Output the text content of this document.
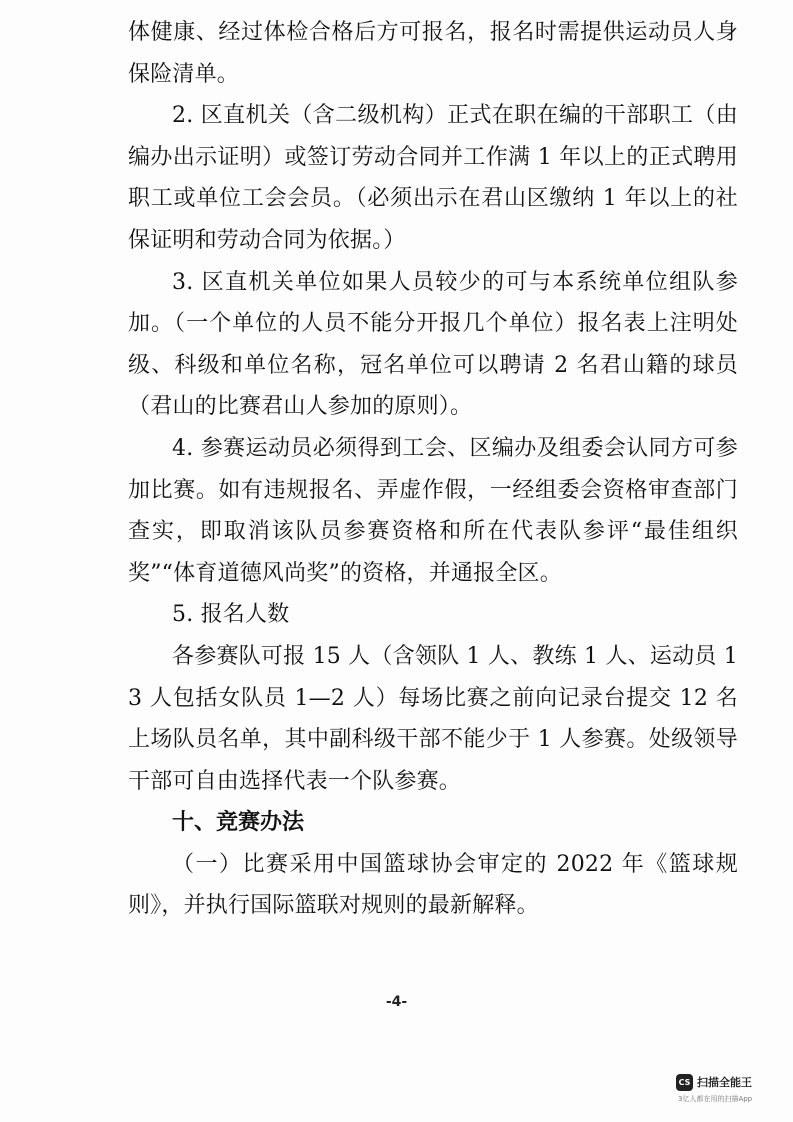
体健康、经过体检合格后方可报名，报名时需提供运动员人身保险清单。

2. 区直机关（含二级机构）正式在职在编的干部职工（由编办出示证明）或签订劳动合同并工作满 1 年以上的正式聘用职工或单位工会会员。（必须出示在君山区缴纳 1 年以上的社保证明和劳动合同为依据。）

3. 区直机关单位如果人员较少的可与本系统单位组队参加。（一个单位的人员不能分开报几个单位）报名表上注明处级、科级和单位名称，冠名单位可以聘请 2 名君山籍的球员（君山的比赛君山人参加的原则）。

4. 参赛运动员必须得到工会、区编办及组委会认同方可参加比赛。如有违规报名、弄虚作假，一经组委会资格审查部门查实，即取消该队员参赛资格和所在代表队参评“最佳组织奖”“体育道德风尚奖”的资格，并通报全区。

5. 报名人数

各参赛队可报 15 人（含领队 1 人、教练 1 人、运动员 13 人包括女队员 1—2 人）每场比赛之前向记录台提交 12 名上场队员名单，其中副科级干部不能少于 1 人参赛。处级领导干部可自由选择代表一个队参赛。

十、竞赛办法

（一）比赛采用中国篮球协会审定的 2022 年《篮球规则》，并执行国际篮联对规则的最新解释。

-4-
CS 扫描全能王
3亿人都在用的扫描App
